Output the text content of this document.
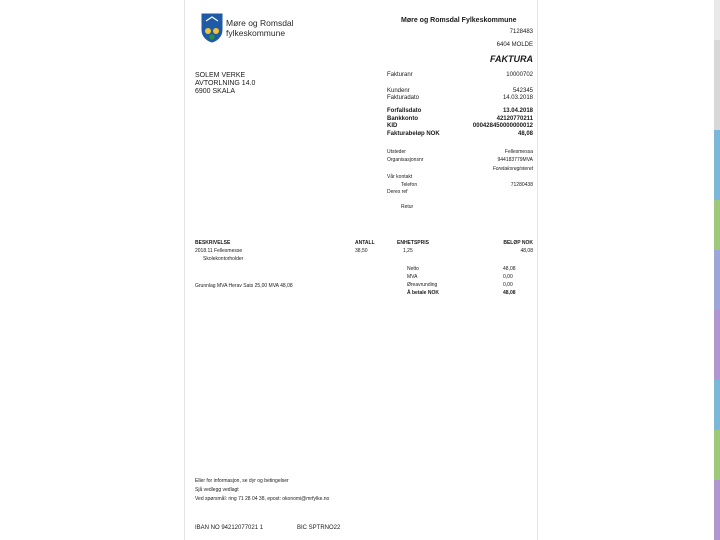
Møre og Romsdal
fylkeskommune
Møre og Romsdal Fylkeskommune
7128483
6404 MOLDE
FAKTURA
SOLEM VERKE
AVTORLNING 14.0
6900 SKALA
Fakturanr	10000702
Kundenr	542345
Fakturadato	14.03.2018
Forfallsdato	13.04.2018
Bankkonto	42120770211
KID	000428450000000012
Fakturabeløp NOK	48,08
Utsteder	Fellesmessa
Organisasjonsnr	944183779MVA
Foretaksregisteret
Vår kontakt
Telefon	71280438
Deres ref
Retur
BESKRIVELSE	ANTALL	ENHETSPRIS	BELØP NOK
2018.11 Fellesmesse
Skolekontorholder
38,50	1,25	48,08
Grunnlag MVA Herav Sats 25,00 MVA 48,08
Netto	48,08
MVA	0,00
Øreavrunding	0,00
Å betale NOK	48,08
Eller for informasjon, se dyr og betingelser
Sjå vedlegg vedlagt
Ved spørsmål: ring 71 28 04 38, epost: okonomi@mrfylke.no
IBAN NO 94212077021 1	BIC SPTRNO22
